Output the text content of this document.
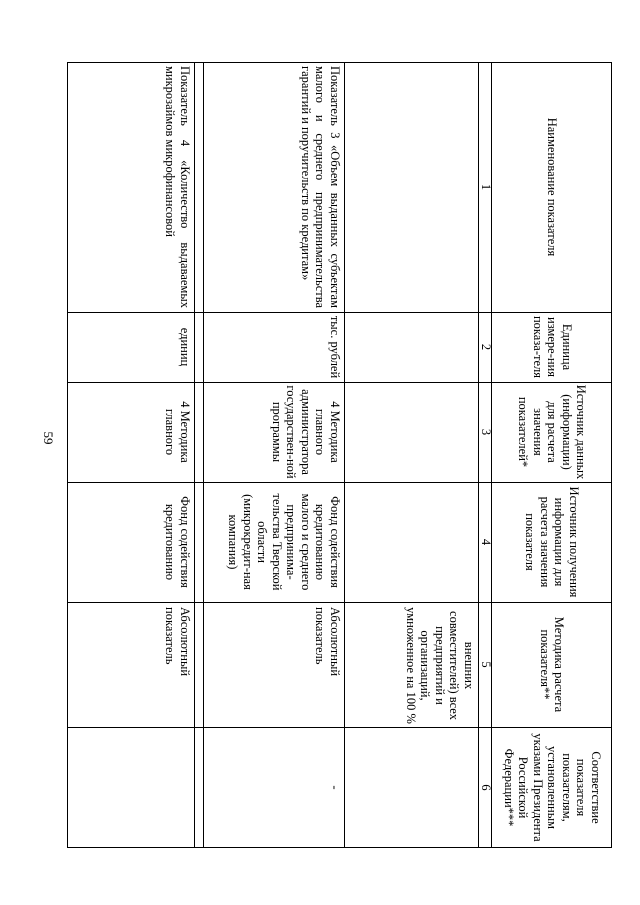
59
Наименование показателя
Единица измере-ния показа-теля
Источник данных (информации) для расчета значения показателей*
Источник получения информации для расчета значения показателя
Методика расчета показателя**
Соответствие показателя показателям, установленным указами Президента Российской Федерации***
1
2
3
4
5
6
внешних совместителей) всех предприятий и организаций, умноженное на 100 %
Показатель 3 «Объем выданных субъектам малого и среднего предпринимательства гарантий и поручительств по кредитам»
тыс. рублей
4 Методика главного администратора государствен-ной программы
Фонд содействия кредитованию малого и среднего предпринима-тельства Тверской области (микрокредит-ная компания)
Абсолютный показатель
-
Показатель 4 «Количество выдаваемых микрозаймов микрофинансовой
единиц
4 Методика главного
Фонд содействия кредитованию
Абсолютный показатель
